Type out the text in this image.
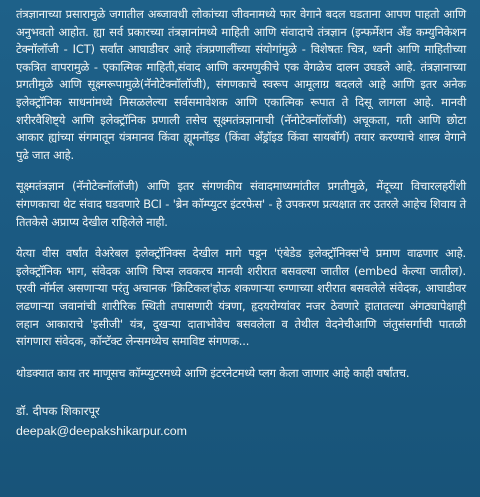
तंत्रज्ञानाच्या प्रसारामुळे जगातील अब्जावधी लोकांच्या जीवनामध्ये फार वेगाने बदल घडताना आपण पाहतो आणि अनुभवतो आहोत. ह्या सर्व प्रकारच्या तंत्रज्ञानांमध्ये माहिती आणि संवादाचे तंत्रज्ञान (इन्फर्मेशन अँड कम्युनिकेशन टेक्नॉलॉजी - ICT) सर्वांत आघाडीवर आहे तंत्रप्रणालींच्या संयोगांमुळे - विशेषतः चित्र, ध्वनी आणि माहितीच्या एकत्रित वापरामुळे - एकात्मिक माहिती,संवाद आणि करमणुकीचे एक वेगळेच दालन उघडले आहे. तंत्रज्ञानाच्या प्रगतीमुळे आणि सूक्ष्मरूपामुळे(नॅनोटेक्नॉलॉजी), संगणकाचे स्वरूप आमूलाग्र बदलले आहे आणि इतर अनेक इलेक्ट्रॉनिक साधनांमध्ये मिसळलेल्या सर्वसमावेशक आणि एकात्मिक रूपात ते दिसू लागला आहे. मानवी शरीरवैशिष्ट्ये आणि इलेक्ट्रॉनिक प्रणाली तसेच सूक्ष्मतंत्रज्ञानाची (नॅनोटेक्नॉलॉजी) अचूकता, गती आणि छोटा आकार ह्यांच्या संगमातून यंत्रमानव किंवा ह्यूमनॉइड (किंवा अँड्रॉइड किंवा सायबॉर्ग) तयार करण्याचे शास्त्र वेगाने पुढे जात आहे.

सूक्ष्मतंत्रज्ञान (नॅनोटेक्नॉलॉजी) आणि इतर संगणकीय संवादमाध्यमांतील प्रगतीमुळे, मेंदूच्या विचारलहरींशी संगणकाचा थेट संवाद घडवणारे BCI - 'ब्रेन कॉम्प्युटर इंटरफेस' - हे उपकरण प्रत्यक्षात तर उतरले आहेच शिवाय ते तितकेसे अप्राप्य देखील राहिलेले नाही.

येत्या वीस वर्षांत वेअरेबल इलेक्ट्रॉनिक्स देखील मागे पडून 'एंबेडेड इलेक्ट्रॉनिक्स'चे प्रमाण वाढणार आहे. इलेक्ट्रॉनिक भाग, संवेदक आणि चिप्स लवकरच मानवी शरीरात बसवल्या जातील (embed केल्या जातील). एरवी नॉर्मल असणाऱ्या परंतु अचानक 'क्रिटिकल'होऊ शकणाऱ्या रुग्णाच्या शरीरात बसवलेले संवेदक, आघाडीवर लढणाऱ्या जवानांची शारीरिक स्थिती तपासणारी यंत्रणा, हृदयरोग्यांवर नजर ठेवणारे हातातल्या अंगठ्यापेक्षाही लहान आकाराचे 'इसीजी' यंत्र, दुखऱ्या दाताभोवेच बसवलेला व तेथील वेदनेचीआणि जंतुसंसर्गाची पातळी सांगणारा संवेदक, कॉन्टॅक्ट लेन्समध्येच समाविष्ट संगणक...

थोडक्यात काय तर माणूसच कॉम्प्युटरमध्ये आणि इंटरनेटमध्ये प्लग केला जाणार आहे काही वर्षांतच.

डॉ. दीपक शिकारपूर
deepak@deepakshikarpur.com
